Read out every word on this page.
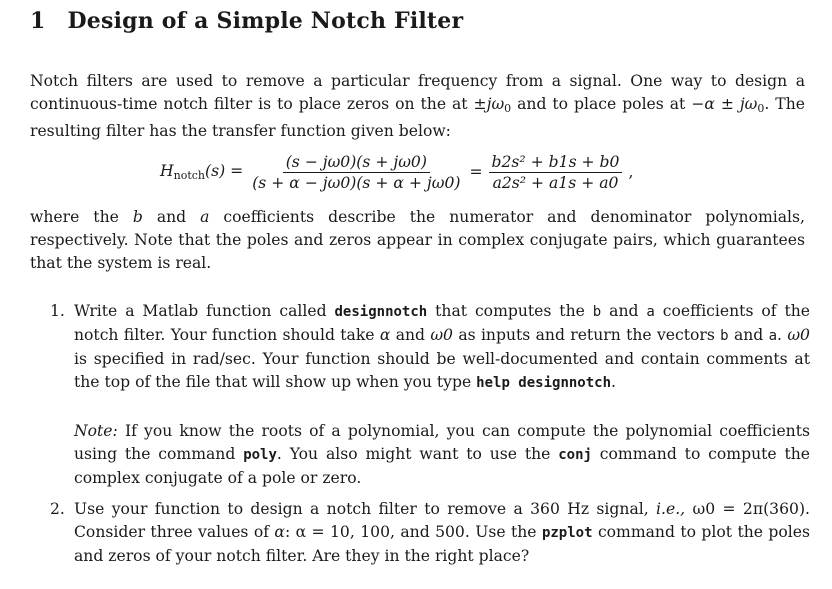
1 Design of a Simple Notch Filter

Notch filters are used to remove a particular frequency from a signal. One way to design a continuous-time notch filter is to place zeros on the at $\pm j\omega_0$ and to place poles at $-\alpha \pm j\omega_0$. The resulting filter has the transfer function given below:

$H_{notch}(s) = \frac{(s - j\omega 0)(s + j\omega 0)}{(s + \alpha - j\omega 0)(s + \alpha + j\omega 0)} = \frac{\text{b2s² + b1s + b0}}{\text{a2s² + a1s + a0}}$ ,

where the b and a coefficients describe the numerator and denominator polynomials, respectively. Note that the poles and zeros appear in complex conjugate pairs, which guarantees that the system is real.

1. Write a Matlab function called designnotch that computes the b and a coefficients of the notch filter. Your function should take α and ω0 as inputs and return the vectors b and a. ω0 is specified in rad/sec. Your function should be well-documented and contain comments at the top of the file that will show up when you type help designnotch.

Note: If you know the roots of a polynomial, you can compute the polynomial coefficients using the command poly. You also might want to use the conj command to compute the complex conjugate of a pole or zero.

2. Use your function to design a notch filter to remove a 360 Hz signal, i.e., ω0 = 2π(360). Consider three values of α: α = 10, 100, and 500. Use the pzplot command to plot the poles and zeros of your notch filter. Are they in the right place?
